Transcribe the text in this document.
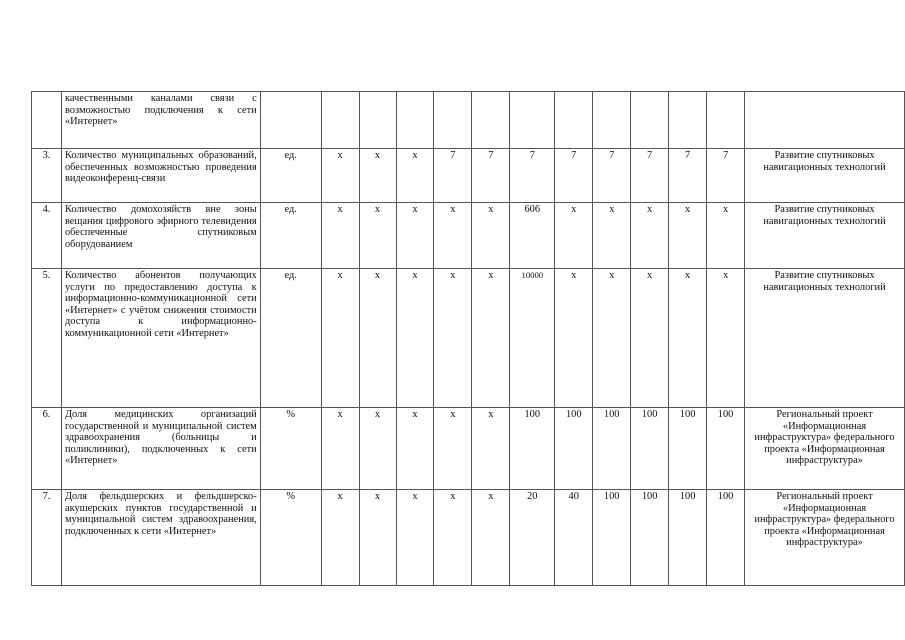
	качественными каналами связи с возможностью подключения к сети «Интернет»													
3.	Количество муниципальных образований, обеспеченных возможностью проведения видеоконференц-связи	ед.	х	х	х	7	7	7	7	7	7	7	7	Развитие спутниковых навигационных технологий
4.	Количество домохозяйств вне зоны вещания цифрового эфирного телевидения обеспеченные спутниковым оборудованием	ед.	х	х	х	х	х	606	х	х	х	х	х	Развитие спутниковых навигационных технологий
5.	Количество абонентов получающих услуги по предоставлению доступа к информационно-коммуникационной сети «Интернет» с учётом снижения стоимости доступа к информационно-коммуникационной сети «Интернет»	ед.	х	х	х	х	х	10000	х	х	х	х	х	Развитие спутниковых навигационных технологий
6.	Доля медицинских организаций государственной и муниципальной систем здравоохранения (больницы и поликлиники), подключенных к сети «Интернет»	%	х	х	х	х	х	100	100	100	100	100	100	Региональный проект «Информационная инфраструктура» федерального проекта «Информационная инфраструктура»
7.	Доля фельдшерских и фельдшерско-акушерских пунктов государственной и муниципальной систем здравоохранения, подключенных к сети «Интернет»	%	х	х	х	х	х	20	40	100	100	100	100	Региональный проект «Информационная инфраструктура» федерального проекта «Информационная инфраструктура»
